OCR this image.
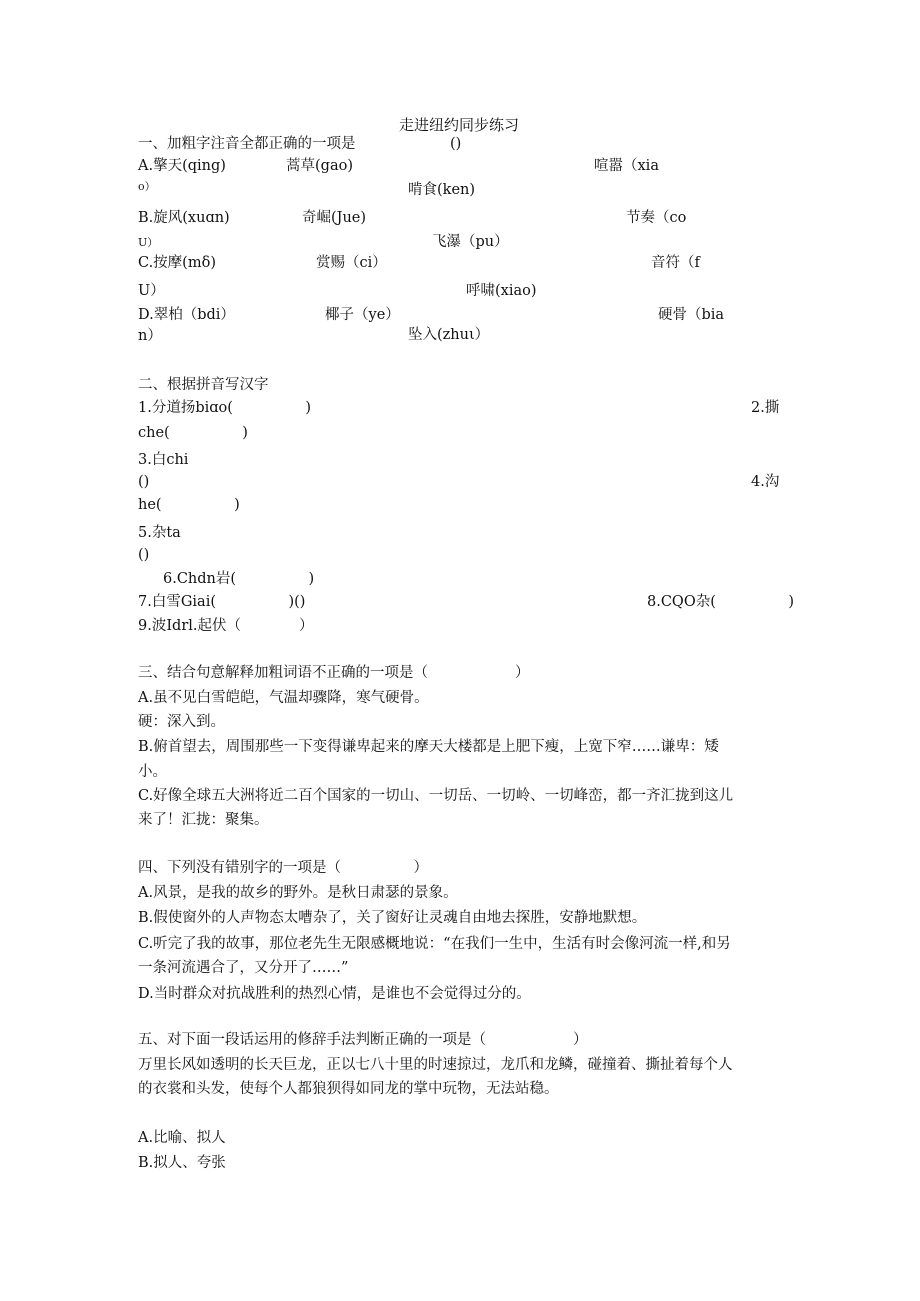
走进纽约同步练习
一、加粗字注音全都正确的一项是	()
A.擎天(qing)	蒿草(gao)	喧嚣（xia
o）	啃食(ken)
B.旋风(xuɑn)	奇崛(Jue)	节奏（co
U）	飞瀑（pu）
C.按摩(mδ)	赏赐（ci）	音符（f
U）	呼啸(xiao)
D.翠柏（bdi）	椰子（ye）	硬骨（bia
n）	坠入(zhuι）
二、根据拼音写汉字
1.分道扬biɑo(　　　　　)	2.撕
che(　　　　　)
3.白chi
()	4.沟
he(　　　　　)
5.杂ta
()
6.Chdn岩(　　　　　)
7.白雪Giai(　　　　　)()	8.CQO杂(　　　　　)
9.波Idrl.起伏（　　　　）
三、结合句意解释加粗词语不正确的一项是（　　　　　　）
A.虽不见白雪皑皑，气温却骤降，寒气硬骨。
硬：深入到。
B.俯首望去，周围那些一下变得谦卑起来的摩天大楼都是上肥下瘦，上宽下窄……谦卑：矮
小。
C.好像全球五大洲将近二百个国家的一切山、一切岳、一切岭、一切峰峦，都一齐汇拢到这儿
来了！汇拢：聚集。
四、下列没有错别字的一项是（　　　　　）
A.风景，是我的故乡的野外。是秋日肃瑟的景象。
B.假使窗外的人声物态太嘈杂了，关了窗好让灵魂自由地去探胜，安静地默想。
C.听完了我的故事，那位老先生无限感概地说：“在我们一生中，生活有时会像河流一样,和另
一条河流遇合了，又分开了……”
D.当时群众对抗战胜利的热烈心情，是谁也不会觉得过分的。
五、对下面一段话运用的修辞手法判断正确的一项是（　　　　　　）
万里长风如透明的长天巨龙，正以七八十里的时速掠过，龙爪和龙鳞，碰撞着、撕扯着每个人
的衣裳和头发，使每个人都狼狈得如同龙的掌中玩物，无法站稳。
A.比喻、拟人
B.拟人、夸张
